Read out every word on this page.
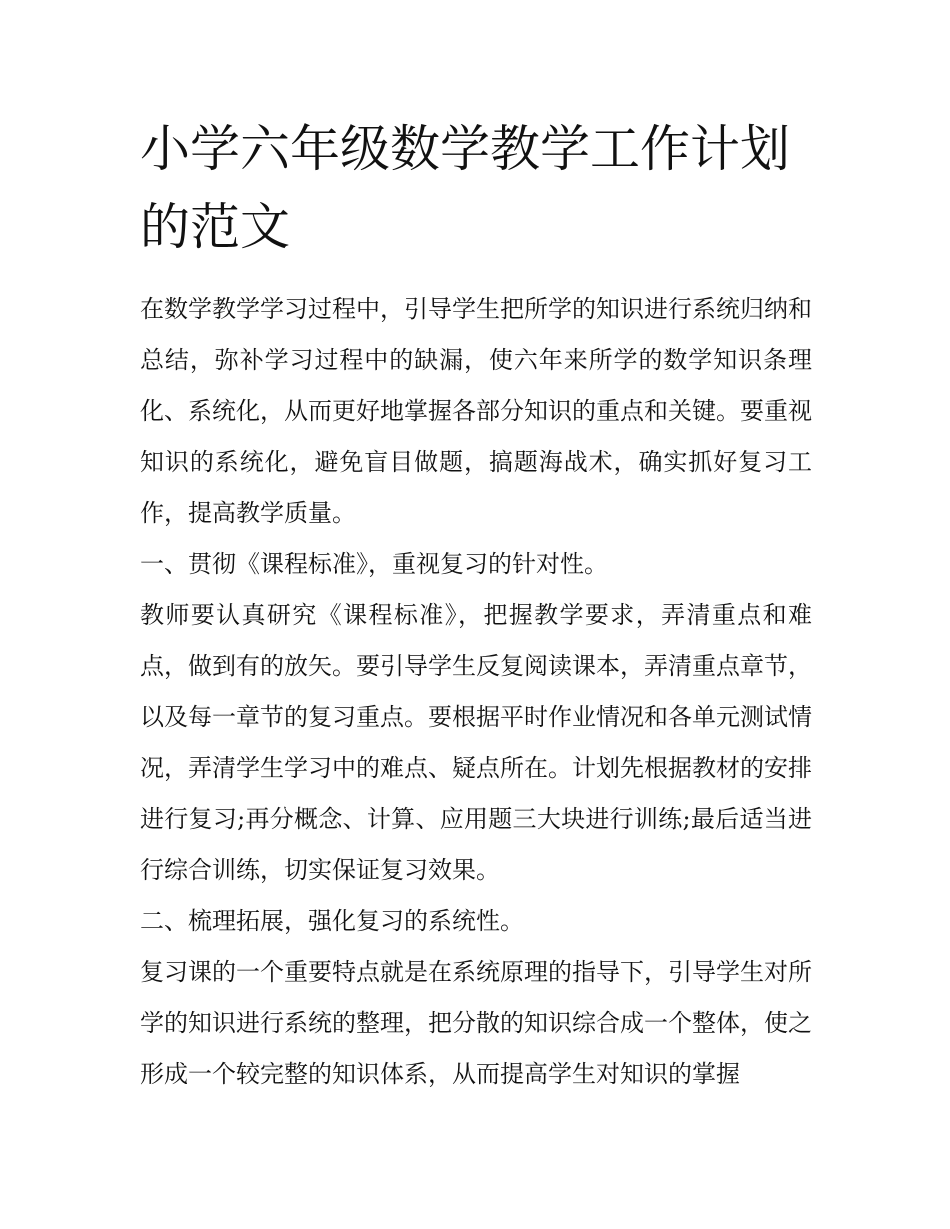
小学六年级数学教学工作计划的范文

在数学教学学习过程中，引导学生把所学的知识进行系统归纳和总结，弥补学习过程中的缺漏，使六年来所学的数学知识条理化、系统化，从而更好地掌握各部分知识的重点和关键。要重视知识的系统化，避免盲目做题，搞题海战术，确实抓好复习工作，提高教学质量。

一、贯彻《课程标准》，重视复习的针对性。

教师要认真研究《课程标准》，把握教学要求，弄清重点和难点，做到有的放矢。要引导学生反复阅读课本，弄清重点章节，以及每一章节的复习重点。要根据平时作业情况和各单元测试情况，弄清学生学习中的难点、疑点所在。计划先根据教材的安排进行复习;再分概念、计算、应用题三大块进行训练;最后适当进行综合训练，切实保证复习效果。

二、梳理拓展，强化复习的系统性。

复习课的一个重要特点就是在系统原理的指导下，引导学生对所学的知识进行系统的整理，把分散的知识综合成一个整体，使之形成一个较完整的知识体系，从而提高学生对知识的掌握
